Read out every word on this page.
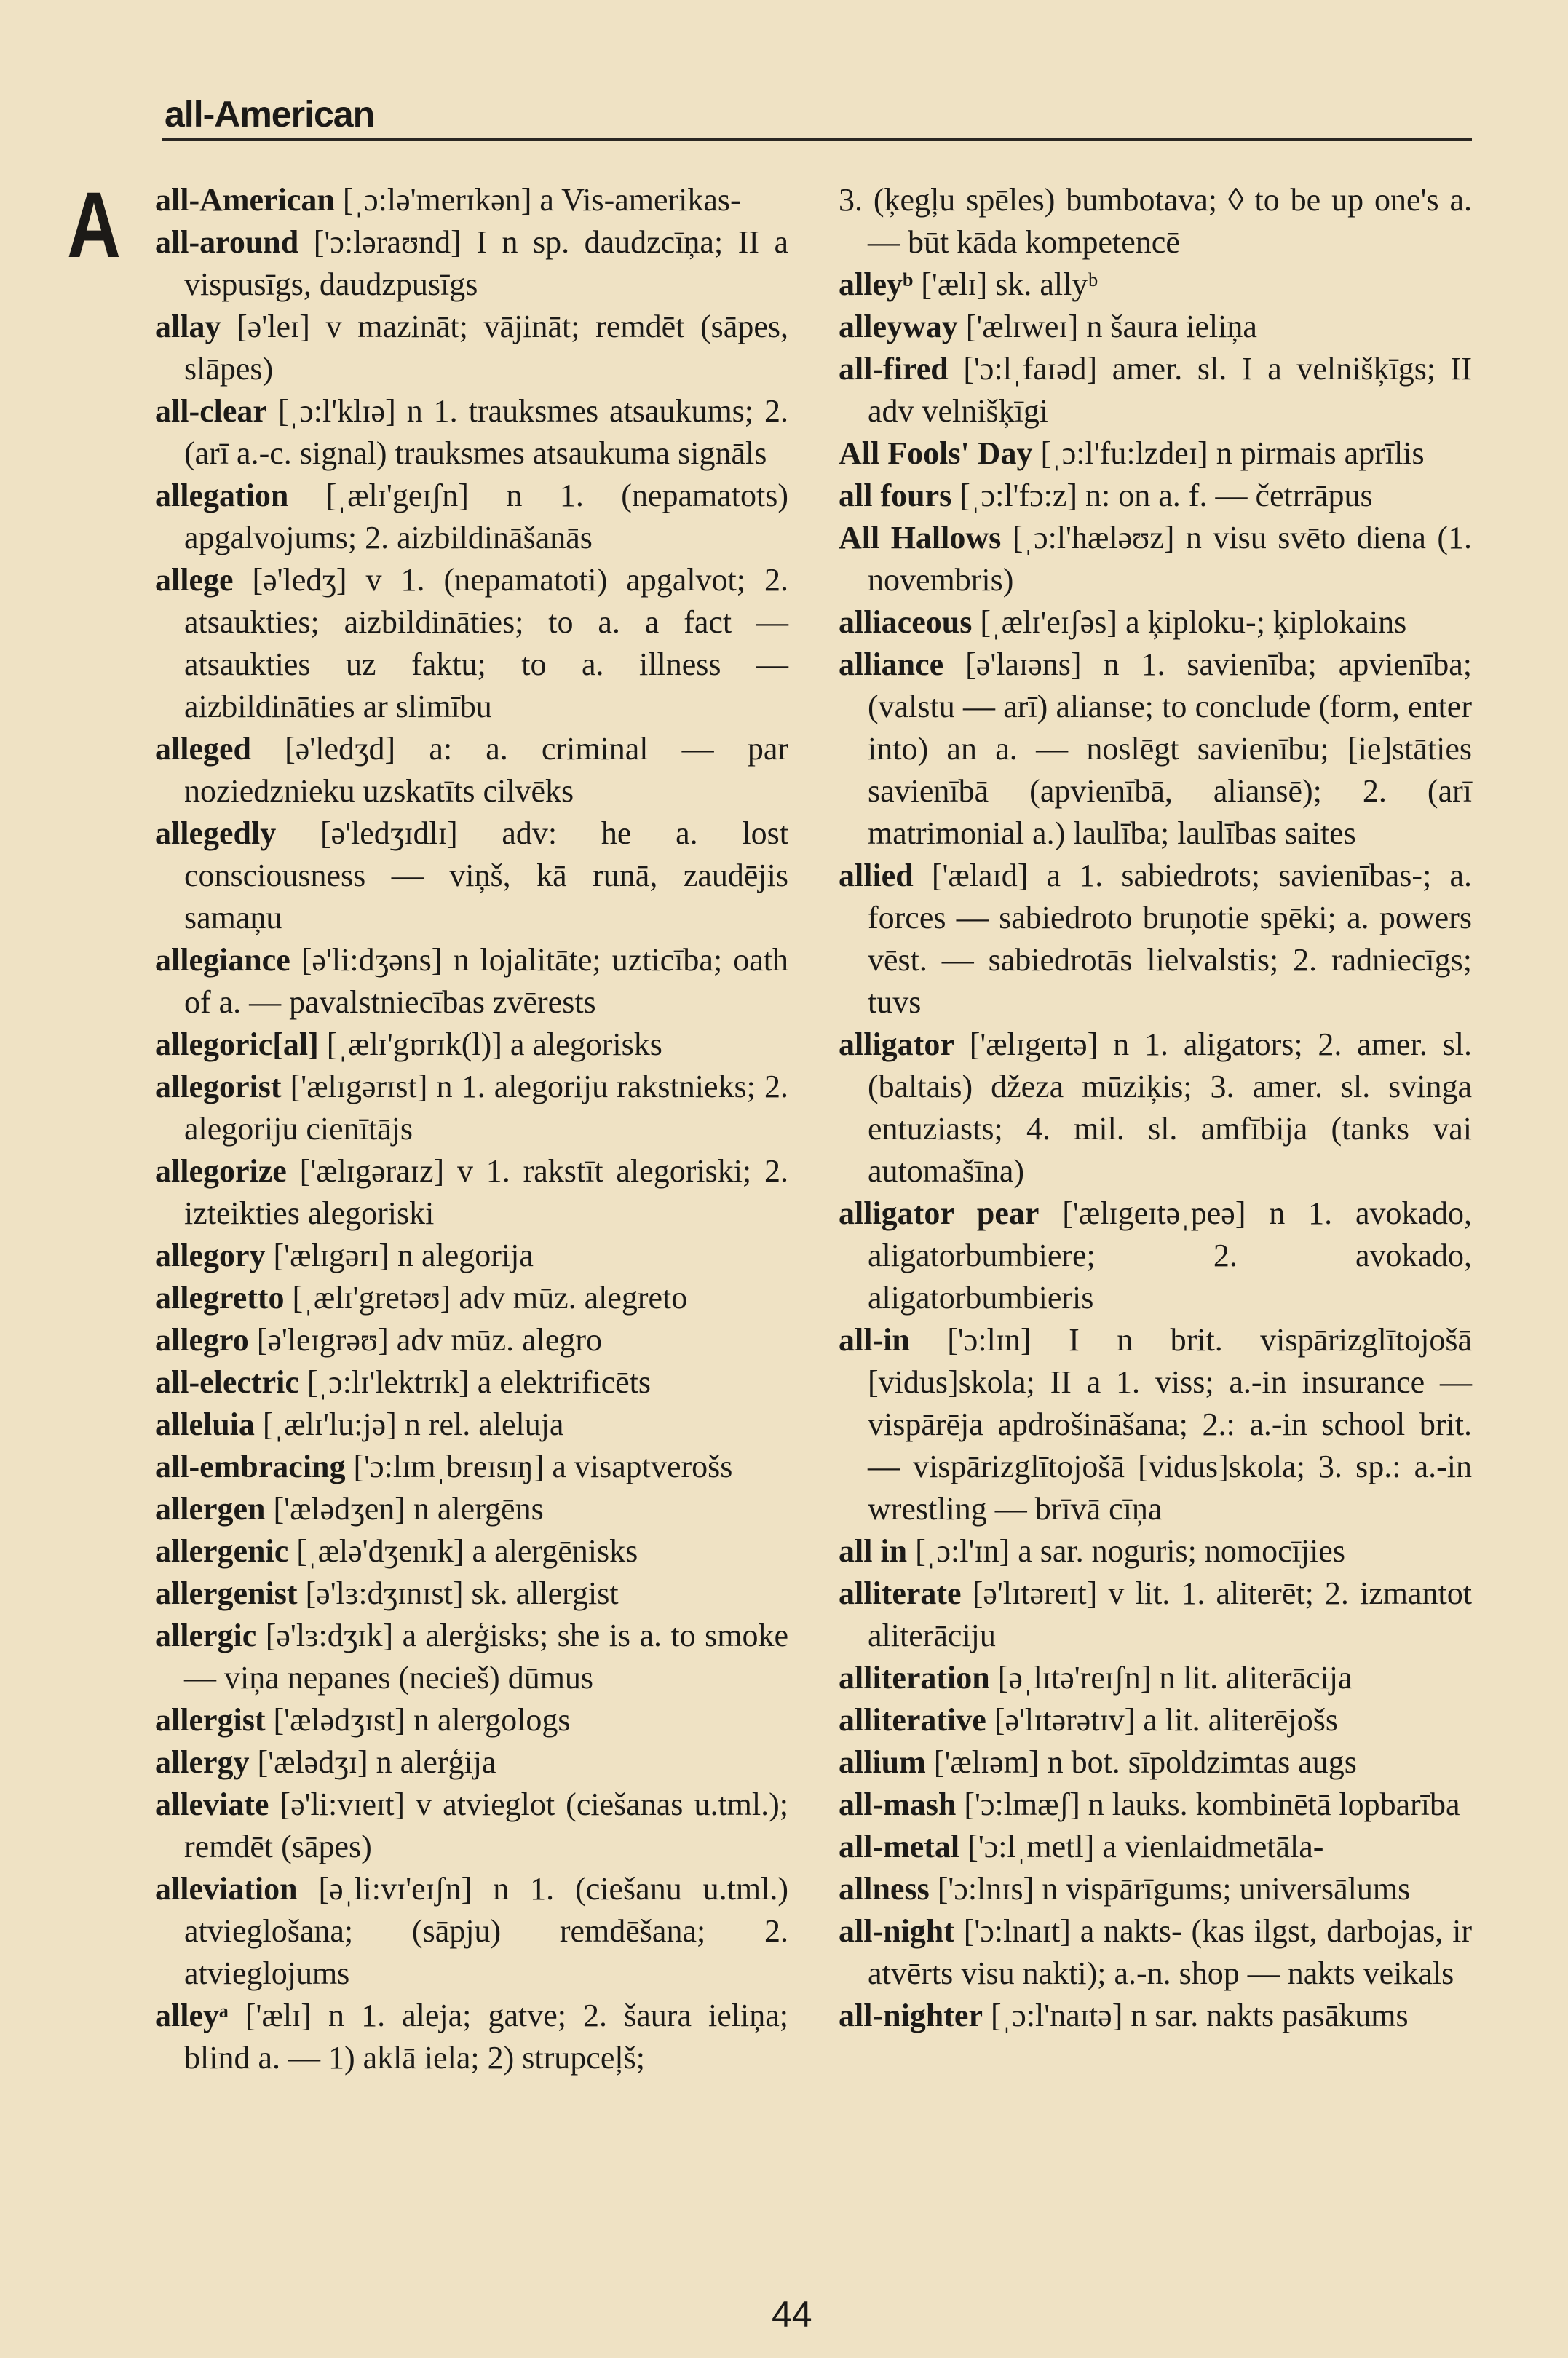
all-American
A all-American [ˌɔ:lə'merɪkən] a Vis-amerikas-

all-around ['ɔ:ləraʊnd] I n sp. daudzcīņa; II a vispusīgs, daudzpusīgs

allay [ə'leɪ] v mazināt; vājināt; remdēt (sāpes, slāpes)

all-clear [ˌɔ:l'klɪə] n 1. trauksmes atsaukums; 2. (arī a.-c. signal) trauksmes atsaukuma signāls

allegation [ˌælɪ'geɪʃn] n 1. (nepamatots) apgalvojums; 2. aizbildināšanās

allege [ə'ledʒ] v 1. (nepamatoti) apgalvot; 2. atsaukties; aizbildināties; to a. a fact — atsaukties uz faktu; to a. illness — aizbildināties ar slimību

alleged [ə'ledʒd] a: a. criminal — par noziedznieku uzskatīts cilvēks

allegedly [ə'ledʒɪdlɪ] adv: he a. lost consciousness — viņš, kā runā, zaudējis samaņu

allegiance [ə'li:dʒəns] n lojalitāte; uzticība; oath of a. — pavalstniecības zvērests

allegoric[al] [ˌælɪ'gɒrɪk(l)] a alegorisks

allegorist ['ælɪgərɪst] n 1. alegoriju rakstnieks; 2. alegoriju cienītājs

allegorize ['ælɪgəraɪz] v 1. rakstīt alegoriski; 2. izteikties alegoriski

allegory ['ælɪgərɪ] n alegorija

allegretto [ˌælɪ'gretəʊ] adv mūz. alegreto

allegro [ə'leɪgrəʊ] adv mūz. alegro

all-electric [ˌɔ:lɪ'lektrɪk] a elektrificēts

alleluia [ˌælɪ'lu:jə] n rel. aleluja

all-embracing ['ɔ:lɪmˌbreɪsɪŋ] a visaptverošs

allergen ['ælədʒen] n alergēns

allergenic [ˌælə'dʒenɪk] a alergēnisks

allergenist [ə'lɜ:dʒɪnɪst] sk. allergist

allergic [ə'lɜ:dʒɪk] a alerģisks; she is a. to smoke — viņa nepanes (necieš) dūmus

allergist ['ælədʒɪst] n alergologs

allergy ['ælədʒɪ] n alerģija

alleviate [ə'li:vɪeɪt] v atvieglot (ciešanas u.tml.); remdēt (sāpes)

alleviation [əˌli:vɪ'eɪʃn] n 1. (ciešanu u.tml.) atvieglošana; (sāpju) remdēšana; 2. atvieglojums

alleyᵃ ['ælɪ] n 1. aleja; gatve; 2. šaura ieliņa; blind a. — 1) aklā iela; 2) strupceļš;

3. (ķegļu spēles) bumbotava; ◊ to be up one's a. — būt kāda kompetencē

alleyᵇ ['ælɪ] sk. allyᵇ

alleyway ['ælɪweɪ] n šaura ieliņa

all-fired ['ɔ:lˌfaɪəd] amer. sl. I a velnišķīgs; II adv velnišķīgi

All Fools' Day [ˌɔ:l'fu:lzdeɪ] n pirmais aprīlis

all fours [ˌɔ:l'fɔ:z] n: on a. f. — četrrāpus

All Hallows [ˌɔ:l'hæləʊz] n visu svēto diena (1. novembris)

alliaceous [ˌælɪ'eɪʃəs] a ķiploku-; ķiplokains

alliance [ə'laɪəns] n 1. savienība; apvienība; (valstu — arī) alianse; to conclude (form, enter into) an a. — noslēgt savienību; [ie]stāties savienībā (apvienībā, aliansē); 2. (arī matrimonial a.) laulība; laulības saites

allied ['ælaɪd] a 1. sabiedrots; savienības-; a. forces — sabiedroto bruņotie spēki; a. powers vēst. — sabiedrotās lielvalstis; 2. radniecīgs; tuvs

alligator ['ælɪgeɪtə] n 1. aligators; 2. amer. sl. (baltais) džeza mūziķis; 3. amer. sl. svinga entuziasts; 4. mil. sl. amfībija (tanks vai automašīna)

alligator pear ['ælɪgeɪtəˌpeə] n 1. avokado, aligatorbumbiere; 2. avokado, aligatorbumbieris

all-in ['ɔ:lɪn] I n brit. vispārizglītojošā [vidus]skola; II a 1. viss; a.-in insurance — vispārēja apdrošināšana; 2.: a.-in school brit. — vispārizglītojošā [vidus]skola; 3. sp.: a.-in wrestling — brīvā cīņa

all in [ˌɔ:l'ɪn] a sar. noguris; nomocījies

alliterate [ə'lɪtəreɪt] v lit. 1. aliterēt; 2. izmantot aliterāciju

alliteration [əˌlɪtə'reɪʃn] n lit. aliterācija

alliterative [ə'lɪtərətɪv] a lit. aliterējošs

allium ['ælɪəm] n bot. sīpoldzimtas augs

all-mash ['ɔ:lmæʃ] n lauks. kombinētā lopbarība

all-metal ['ɔ:lˌmetl] a vienlaidmetāla-

allness ['ɔ:lnɪs] n vispārīgums; universālums

all-night ['ɔ:lnaɪt] a nakts- (kas ilgst, darbojas, ir atvērts visu nakti); a.-n. shop — nakts veikals

all-nighter [ˌɔ:l'naɪtə] n sar. nakts pasākums

44
